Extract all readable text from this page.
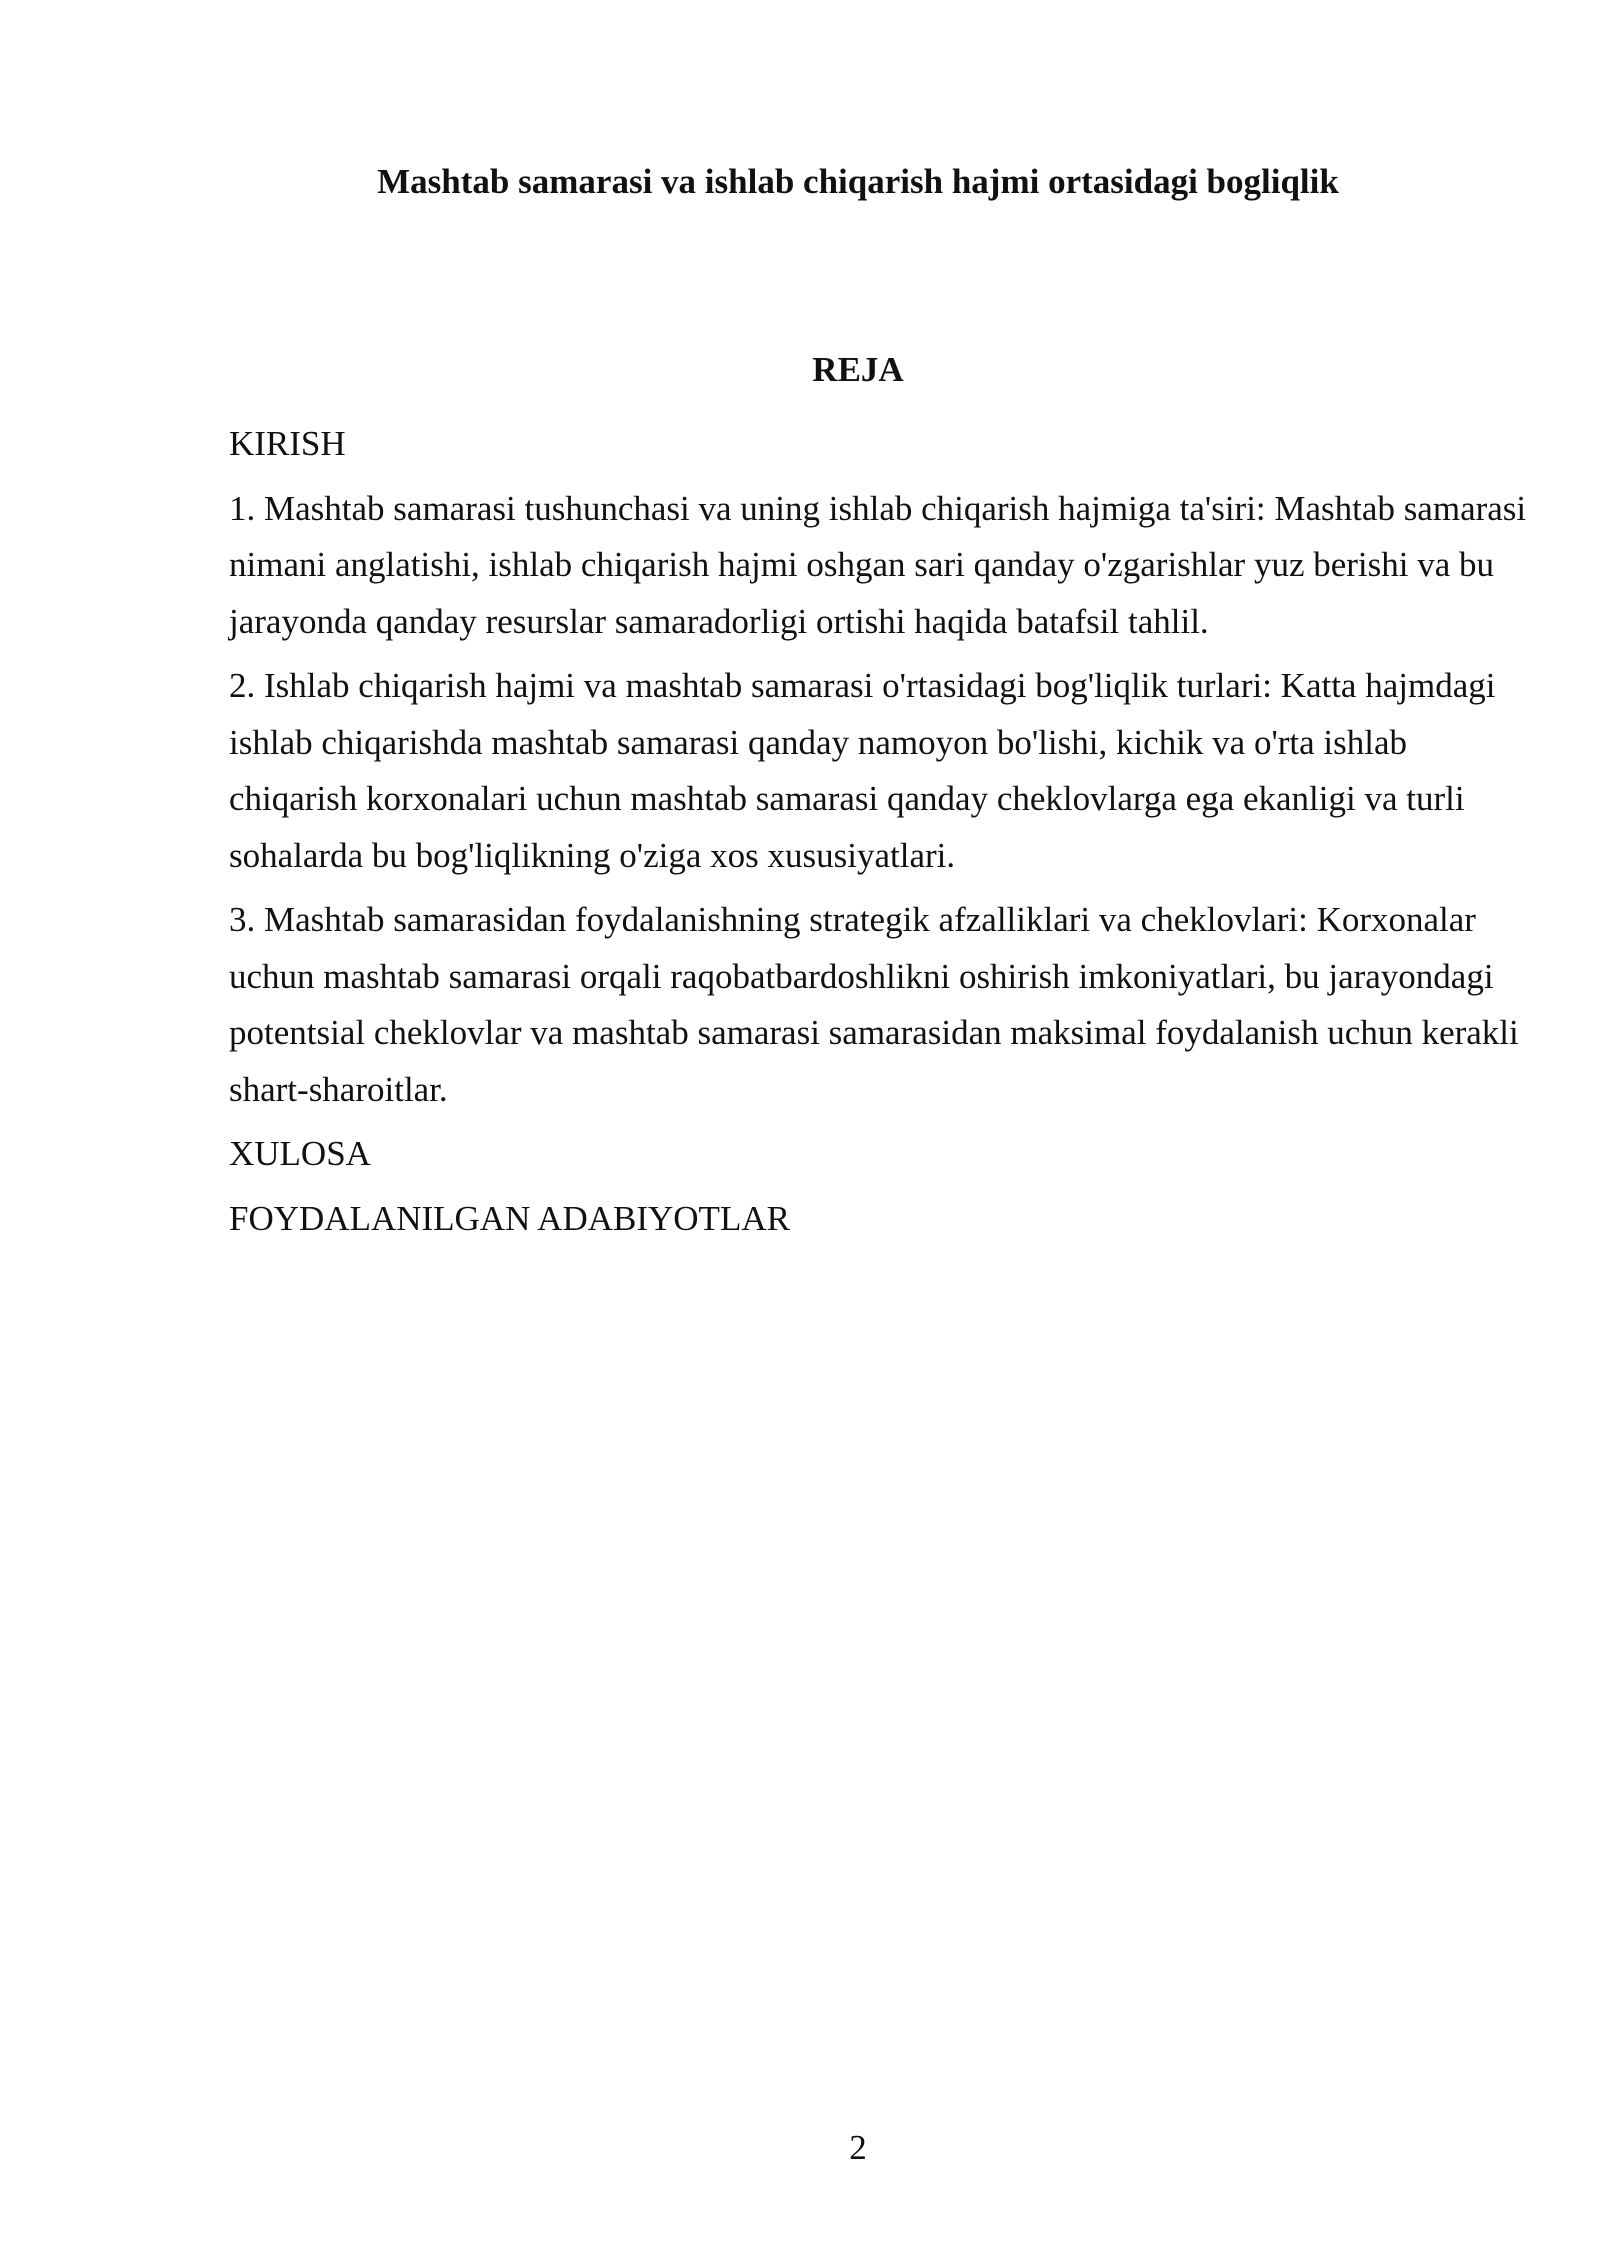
Mashtab samarasi va ishlab chiqarish hajmi ortasidagi bogliqlik
REJA

KIRISH

1. Mashtab samarasi tushunchasi va uning ishlab chiqarish hajmiga ta'siri: Mashtab samarasi nimani anglatishi, ishlab chiqarish hajmi oshgan sari qanday o'zgarishlar yuz berishi va bu jarayonda qanday resurslar samaradorligi ortishi haqida batafsil tahlil.

2. Ishlab chiqarish hajmi va mashtab samarasi o'rtasidagi bog'liqlik turlari: Katta hajmdagi ishlab chiqarishda mashtab samarasi qanday namoyon bo'lishi, kichik va o'rta ishlab chiqarish korxonalari uchun mashtab samarasi qanday cheklovlarga ega ekanligi va turli sohalarda bu bog'liqlikning o'ziga xos xususiyatlari.

3. Mashtab samarasidan foydalanishning strategik afzalliklari va cheklovlari: Korxonalar uchun mashtab samarasi orqali raqobatbardoshlikni oshirish imkoniyatlari, bu jarayondagi potentsial cheklovlar va mashtab samarasi samarasidan maksimal foydalanish uchun kerakli shart-sharoitlar.

XULOSA

FOYDALANILGAN ADABIYOTLAR

2
